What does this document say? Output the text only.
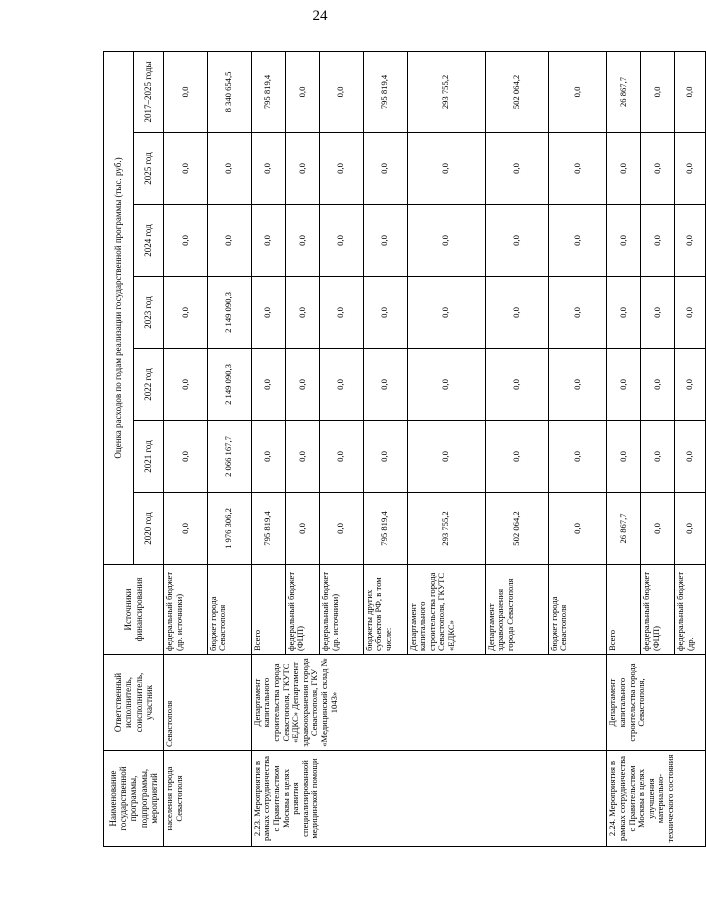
24
Наименование государственной программы, подпрограммы, мероприятий	Ответственный исполнитель, соисполнитель, участник	Источники финансирования	Оценка расходов по годам реализации государственной программы (тыс. руб.)						
			2020 год	2021 год	2022 год	2023 год	2024 год	2025 год	2017–2025 годы
населения города Севастополя	Севастополя	федеральный бюджет (др. источники)	0,0	0,0	0,0	0,0	0,0	0,0	0,0
		бюджет города Севастополя	1 976 306,2	2 066 167,7	2 149 090,3	2 149 090,3	0,0	0,0	8 340 654,5
2.23. Мероприятия в рамках сотрудничества с Правительством Москвы в целях развития специализированной медицинской помощи	Департамент капитального строительства города Севастополя, ГКУТС «ЕДКС» Департамент здравоохранения города Севастополя, ГКУ «Медицинский склад № 1043»	Всего	795 819,4	0,0	0,0	0,0	0,0	0,0	795 819,4
		федеральный бюджет (ФЦП)	0,0	0,0	0,0	0,0	0,0	0,0	0,0
		федеральный бюджет (др. источники)	0,0	0,0	0,0	0,0	0,0	0,0	0,0
		бюджеты других субъектов РФ, в том числе:	795 819,4	0,0	0,0	0,0	0,0	0,0	795 819,4
		Департамент капитального строительства города Севастополя, ГКУТС «ЕДКС»	293 755,2	0,0	0,0	0,0	0,0	0,0	293 755,2
		Департамент здравоохранения города Севастополя	502 064,2	0,0	0,0	0,0	0,0	0,0	502 064,2
		бюджет города Севастополя	0,0	0,0	0,0	0,0	0,0	0,0	0,0
2.24. Мероприятия в рамках сотрудничества с Правительством Москвы в целях улучшения материально-технического состояния	Департамент капитального строительства города Севастополя,	Всего	26 867,7	0,0	0,0	0,0	0,0	0,0	26 867,7
		федеральный бюджет (ФЦП)	0,0	0,0	0,0	0,0	0,0	0,0	0,0
		федеральный бюджет (др.	0,0	0,0	0,0	0,0	0,0	0,0	0,0
